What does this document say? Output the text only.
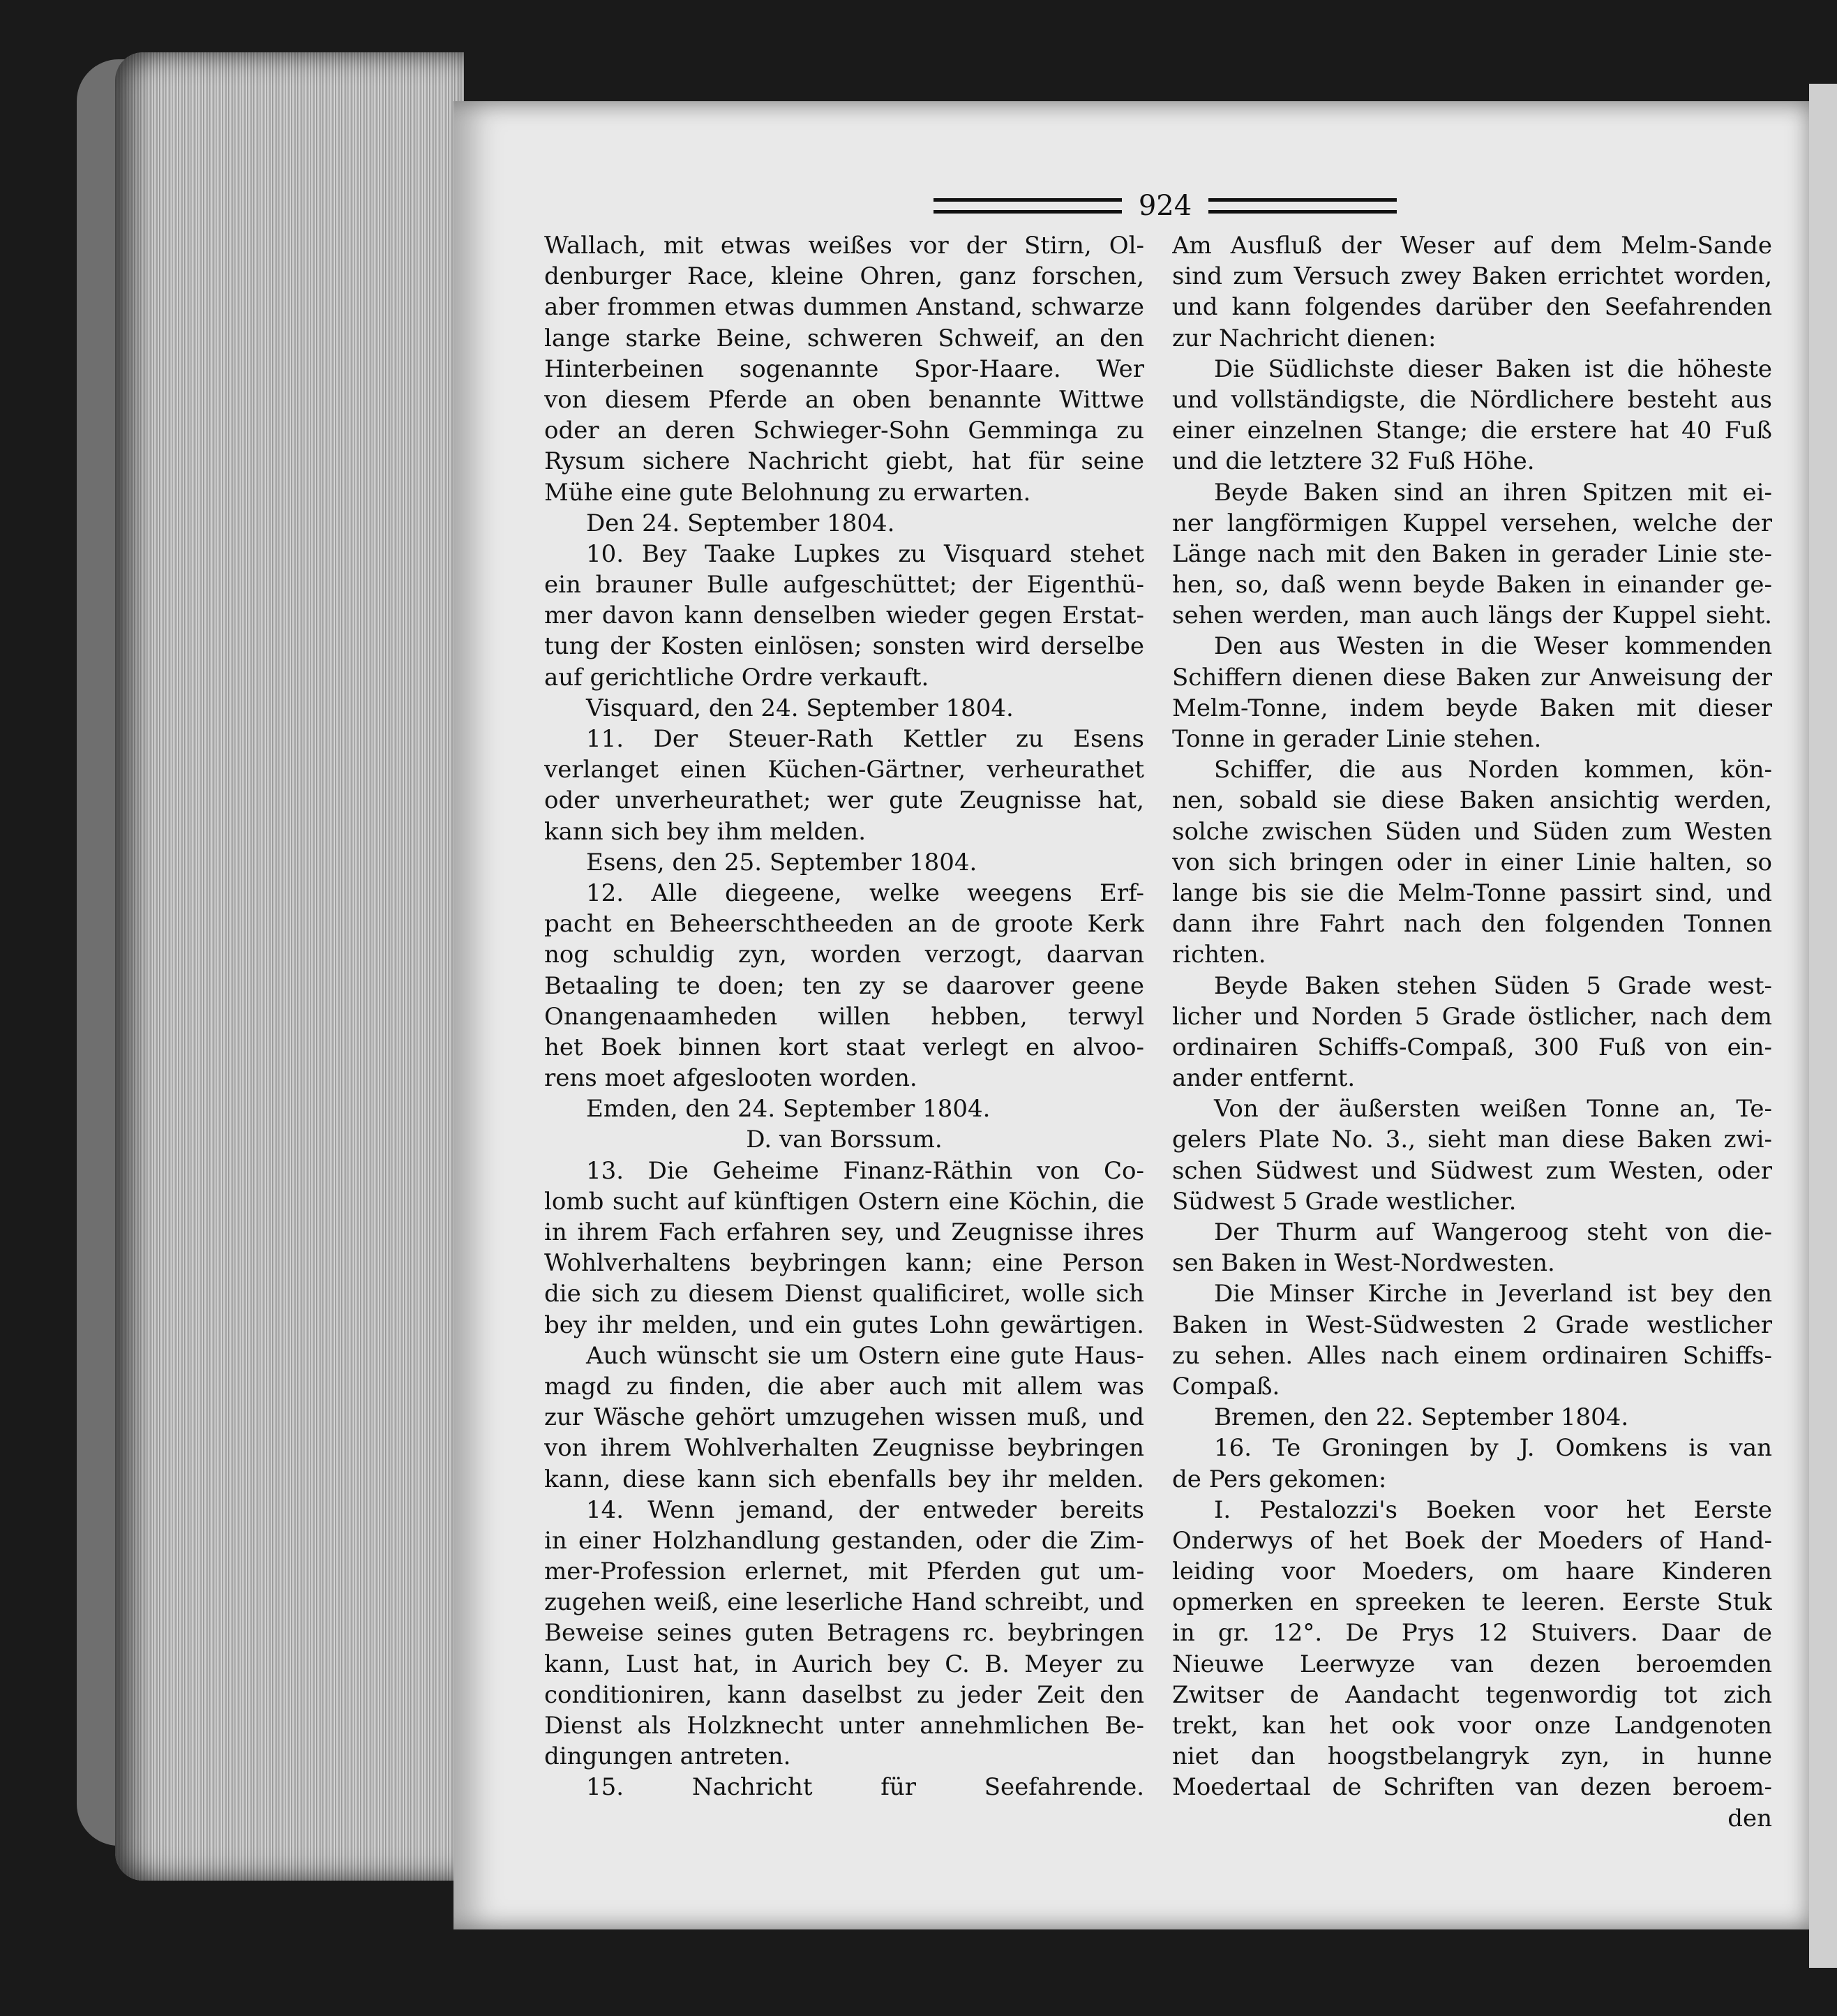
924
Wallach, mit etwas weißes vor der Stirn, Ol-
denburger Race, kleine Ohren, ganz forschen,
aber frommen etwas dummen Anstand, schwarze
lange starke Beine, schweren Schweif, an den
Hinterbeinen sogenannte Spor-Haare. Wer
von diesem Pferde an oben benannte Wittwe
oder an deren Schwieger-Sohn Gemminga zu
Rysum sichere Nachricht giebt, hat für seine
Mühe eine gute Belohnung zu erwarten.
Den 24. September 1804.
10. Bey Taake Lupkes zu Visquard stehet
ein brauner Bulle aufgeschüttet; der Eigenthü-
mer davon kann denselben wieder gegen Erstat-
tung der Kosten einlösen; sonsten wird derselbe
auf gerichtliche Ordre verkauft.
Visquard, den 24. September 1804.
11. Der Steuer-Rath Kettler zu Esens
verlanget einen Küchen-Gärtner, verheurathet
oder unverheurathet; wer gute Zeugnisse hat,
kann sich bey ihm melden.
Esens, den 25. September 1804.
12. Alle diegeene, welke weegens Erf-
pacht en Beheerschtheeden an de groote Kerk
nog schuldig zyn, worden verzogt, daarvan
Betaaling te doen; ten zy se daarover geene
Onangenaamheden willen hebben, terwyl
het Boek binnen kort staat verlegt en alvoo-
rens moet afgeslooten worden.
Emden, den 24. September 1804.
D. van Borssum.
13. Die Geheime Finanz-Räthin von Co-
lomb sucht auf künftigen Ostern eine Köchin, die
in ihrem Fach erfahren sey, und Zeugnisse ihres
Wohlverhaltens beybringen kann; eine Person
die sich zu diesem Dienst qualificiret, wolle sich
bey ihr melden, und ein gutes Lohn gewärtigen.
Auch wünscht sie um Ostern eine gute Haus-
magd zu finden, die aber auch mit allem was
zur Wäsche gehört umzugehen wissen muß, und
von ihrem Wohlverhalten Zeugnisse beybringen
kann, diese kann sich ebenfalls bey ihr melden.
14. Wenn jemand, der entweder bereits
in einer Holzhandlung gestanden, oder die Zim-
mer-Profession erlernet, mit Pferden gut um-
zugehen weiß, eine leserliche Hand schreibt, und
Beweise seines guten Betragens rc. beybringen
kann, Lust hat, in Aurich bey C. B. Meyer zu
conditioniren, kann daselbst zu jeder Zeit den
Dienst als Holzknecht unter annehmlichen Be-
dingungen antreten.
15. Nachricht für Seefahrende.
Am Ausfluß der Weser auf dem Melm-Sande
sind zum Versuch zwey Baken errichtet worden,
und kann folgendes darüber den Seefahrenden
zur Nachricht dienen:
Die Südlichste dieser Baken ist die höheste
und vollständigste, die Nördlichere besteht aus
einer einzelnen Stange; die erstere hat 40 Fuß
und die letztere 32 Fuß Höhe.
Beyde Baken sind an ihren Spitzen mit ei-
ner langförmigen Kuppel versehen, welche der
Länge nach mit den Baken in gerader Linie ste-
hen, so, daß wenn beyde Baken in einander ge-
sehen werden, man auch längs der Kuppel sieht.
Den aus Westen in die Weser kommenden
Schiffern dienen diese Baken zur Anweisung der
Melm-Tonne, indem beyde Baken mit dieser
Tonne in gerader Linie stehen.
Schiffer, die aus Norden kommen, kön-
nen, sobald sie diese Baken ansichtig werden,
solche zwischen Süden und Süden zum Westen
von sich bringen oder in einer Linie halten, so
lange bis sie die Melm-Tonne passirt sind, und
dann ihre Fahrt nach den folgenden Tonnen
richten.
Beyde Baken stehen Süden 5 Grade west-
licher und Norden 5 Grade östlicher, nach dem
ordinairen Schiffs-Compaß, 300 Fuß von ein-
ander entfernt.
Von der äußersten weißen Tonne an, Te-
gelers Plate No. 3., sieht man diese Baken zwi-
schen Südwest und Südwest zum Westen, oder
Südwest 5 Grade westlicher.
Der Thurm auf Wangeroog steht von die-
sen Baken in West-Nordwesten.
Die Minser Kirche in Jeverland ist bey den
Baken in West-Südwesten 2 Grade westlicher
zu sehen. Alles nach einem ordinairen Schiffs-
Compaß.
Bremen, den 22. September 1804.
16. Te Groningen by J. Oomkens is van
de Pers gekomen:
I. Pestalozzi's Boeken voor het Eerste
Onderwys of het Boek der Moeders of Hand-
leiding voor Moeders, om haare Kinderen
opmerken en spreeken te leeren. Eerste Stuk
in gr. 12°. De Prys 12 Stuivers. Daar de
Nieuwe Leerwyze van dezen beroemden
Zwitser de Aandacht tegenwordig tot zich
trekt, kan het ook voor onze Landgenoten
niet dan hoogstbelangryk zyn, in hunne
Moedertaal de Schriften van dezen beroem-
den
